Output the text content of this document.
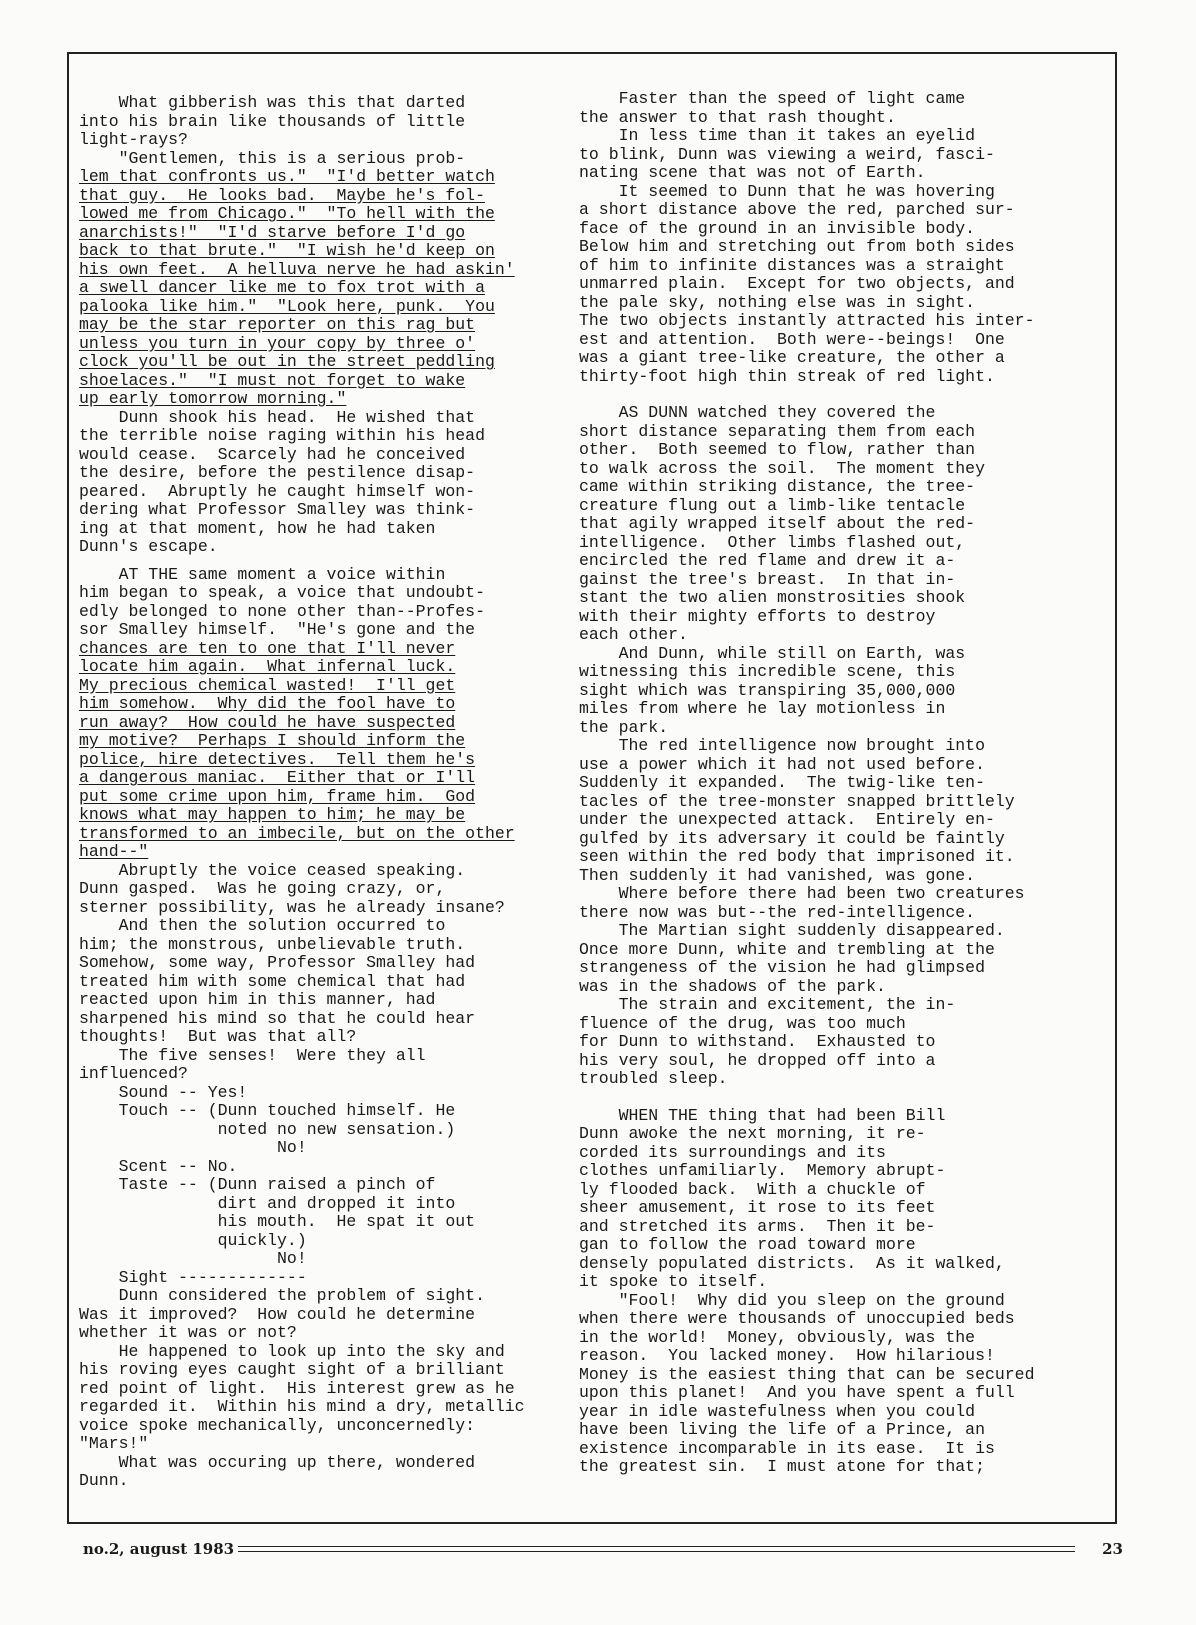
What gibberish was this that darted
into his brain like thousands of little
light-rays?
"Gentlemen, this is a serious prob-
lem that confronts us."  "I'd better watch
that guy.  He looks bad.  Maybe he's fol-
lowed me from Chicago."  "To hell with the
anarchists!"  "I'd starve before I'd go
back to that brute."  "I wish he'd keep on
his own feet.  A helluva nerve he had askin'
a swell dancer like me to fox trot with a
palooka like him."  "Look here, punk.  You
may be the star reporter on this rag but
unless you turn in your copy by three o'
clock you'll be out in the street peddling
shoelaces."  "I must not forget to wake
up early tomorrow morning."
Dunn shook his head.  He wished that
the terrible noise raging within his head
would cease.  Scarcely had he conceived
the desire, before the pestilence disap-
peared.  Abruptly he caught himself won-
dering what Professor Smalley was think-
ing at that moment, how he had taken
Dunn's escape.
AT THE same moment a voice within
him began to speak, a voice that undoubt-
edly belonged to none other than--Profes-
sor Smalley himself.  "He's gone and the
chances are ten to one that I'll never
locate him again.  What infernal luck.
My precious chemical wasted!  I'll get
him somehow.  Why did the fool have to
run away?  How could he have suspected
my motive?  Perhaps I should inform the
police, hire detectives.  Tell them he's
a dangerous maniac.  Either that or I'll
put some crime upon him, frame him.  God
knows what may happen to him; he may be
transformed to an imbecile, but on the other
hand--"
Abruptly the voice ceased speaking.
Dunn gasped.  Was he going crazy, or,
sterner possibility, was he already insane?
And then the solution occurred to
him; the monstrous, unbelievable truth.
Somehow, some way, Professor Smalley had
treated him with some chemical that had
reacted upon him in this manner, had
sharpened his mind so that he could hear
thoughts!  But was that all?
The five senses!  Were they all
influenced?
Sound -- Yes!
Touch -- (Dunn touched himself. He
noted no new sensation.)
No!
Scent -- No.
Taste -- (Dunn raised a pinch of
dirt and dropped it into
his mouth.  He spat it out
quickly.)
No!
Sight -------------
Dunn considered the problem of sight.
Was it improved?  How could he determine
whether it was or not?
He happened to look up into the sky and
his roving eyes caught sight of a brilliant
red point of light.  His interest grew as he
regarded it.  Within his mind a dry, metallic
voice spoke mechanically, unconcernedly:
"Mars!"
What was occuring up there, wondered
Dunn.
Faster than the speed of light came
the answer to that rash thought.
In less time than it takes an eyelid
to blink, Dunn was viewing a weird, fasci-
nating scene that was not of Earth.
It seemed to Dunn that he was hovering
a short distance above the red, parched sur-
face of the ground in an invisible body.
Below him and stretching out from both sides
of him to infinite distances was a straight
unmarred plain.  Except for two objects, and
the pale sky, nothing else was in sight.
The two objects instantly attracted his inter-
est and attention.  Both were--beings!  One
was a giant tree-like creature, the other a
thirty-foot high thin streak of red light.
AS DUNN watched they covered the
short distance separating them from each
other.  Both seemed to flow, rather than
to walk across the soil.  The moment they
came within striking distance, the tree-
creature flung out a limb-like tentacle
that agily wrapped itself about the red-
intelligence.  Other limbs flashed out,
encircled the red flame and drew it a-
gainst the tree's breast.  In that in-
stant the two alien monstrosities shook
with their mighty efforts to destroy
each other.
And Dunn, while still on Earth, was
witnessing this incredible scene, this
sight which was transpiring 35,000,000
miles from where he lay motionless in
the park.
The red intelligence now brought into
use a power which it had not used before.
Suddenly it expanded.  The twig-like ten-
tacles of the tree-monster snapped brittlely
under the unexpected attack.  Entirely en-
gulfed by its adversary it could be faintly
seen within the red body that imprisoned it.
Then suddenly it had vanished, was gone.
Where before there had been two creatures
there now was but--the red-intelligence.
The Martian sight suddenly disappeared.
Once more Dunn, white and trembling at the
strangeness of the vision he had glimpsed
was in the shadows of the park.
The strain and excitement, the in-
fluence of the drug, was too much
for Dunn to withstand.  Exhausted to
his very soul, he dropped off into a
troubled sleep.
WHEN THE thing that had been Bill
Dunn awoke the next morning, it re-
corded its surroundings and its
clothes unfamiliarly.  Memory abrupt-
ly flooded back.  With a chuckle of
sheer amusement, it rose to its feet
and stretched its arms.  Then it be-
gan to follow the road toward more
densely populated districts.  As it walked,
it spoke to itself.
"Fool!  Why did you sleep on the ground
when there were thousands of unoccupied beds
in the world!  Money, obviously, was the
reason.  You lacked money.  How hilarious!
Money is the easiest thing that can be secured
upon this planet!  And you have spent a full
year in idle wastefulness when you could
have been living the life of a Prince, an
existence incomparable in its ease.  It is
the greatest sin.  I must atone for that;
no.2, august 1983	23
